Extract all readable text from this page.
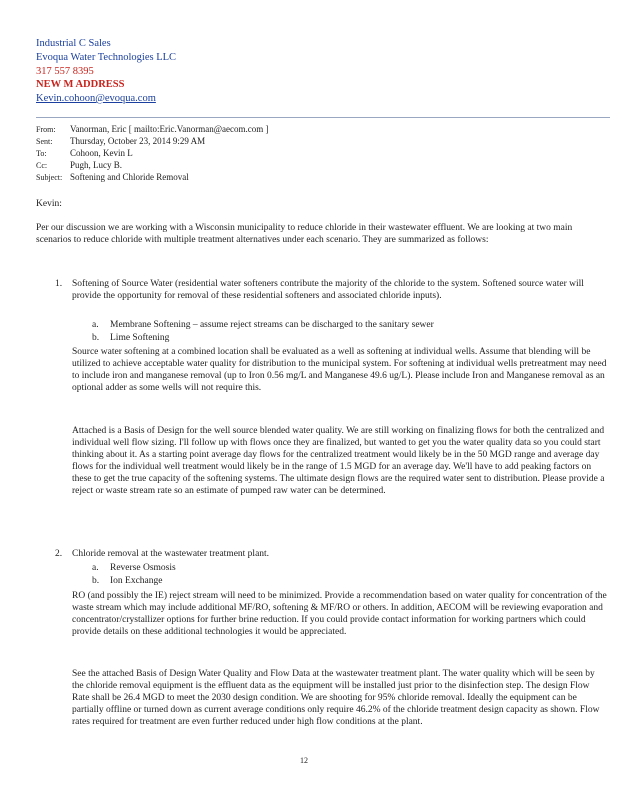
Industrial C Sales
Evoqua Water Technologies LLC
317 557 8395
NEW M ADDRESS
Kevin.cohoon@evoqua.com
From: Vanorman, Eric [ mailto:Eric.Vanorman@aecom.com ]
Sent: Thursday, October 23, 2014 9:29 AM
To:	Cohoon, Kevin L
Cc:	Pugh, Lucy B.
Subject: Softening and Chloride Removal
Kevin:
Per our discussion we are working with a Wisconsin municipality to reduce chloride in their wastewater effluent. We are looking at two main scenarios to reduce chloride with multiple treatment alternatives under each scenario. They are summarized as follows:
1. Softening of Source Water (residential water softeners contribute the majority of the chloride to the system. Softened source water will provide the opportunity for removal of these residential softeners and associated chloride inputs).
a. Membrane Softening – assume reject streams can be discharged to the sanitary sewer
b. Lime Softening
Source water softening at a combined location shall be evaluated as a well as softening at individual wells. Assume that blending will be utilized to achieve acceptable water quality for distribution to the municipal system. For softening at individual wells pretreatment may need to include iron and manganese removal (up to Iron 0.56 mg/L and Manganese 49.6 ug/L). Please include Iron and Manganese removal as an optional adder as some wells will not require this.
Attached is a Basis of Design for the well source blended water quality. We are still working on finalizing flows for both the centralized and individual well flow sizing. I'll follow up with flows once they are finalized, but wanted to get you the water quality data so you could start thinking about it. As a starting point average day flows for the centralized treatment would likely be in the 50 MGD range and average day flows for the individual well treatment would likely be in the range of 1.5 MGD for an average day. We'll have to add peaking factors on these to get the true capacity of the softening systems. The ultimate design flows are the required water sent to distribution. Please provide a reject or waste stream rate so an estimate of pumped raw water can be determined.
2. Chloride removal at the wastewater treatment plant.
a. Reverse Osmosis
b. Ion Exchange
RO (and possibly the IE) reject stream will need to be minimized. Provide a recommendation based on water quality for concentration of the waste stream which may include additional MF/RO, softening & MF/RO or others. In addition, AECOM will be reviewing evaporation and concentrator/crystallizer options for further brine reduction. If you could provide contact information for working partners which could provide details on these additional technologies it would be appreciated.
See the attached Basis of Design Water Quality and Flow Data at the wastewater treatment plant. The water quality which will be seen by the chloride removal equipment is the effluent data as the equipment will be installed just prior to the disinfection step. The design Flow Rate shall be 26.4 MGD to meet the 2030 design condition. We are shooting for 95% chloride removal. Ideally the equipment can be partially offline or turned down as current average conditions only require 46.2% of the chloride treatment design capacity as shown. Flow rates required for treatment are even further reduced under high flow conditions at the plant.
12
